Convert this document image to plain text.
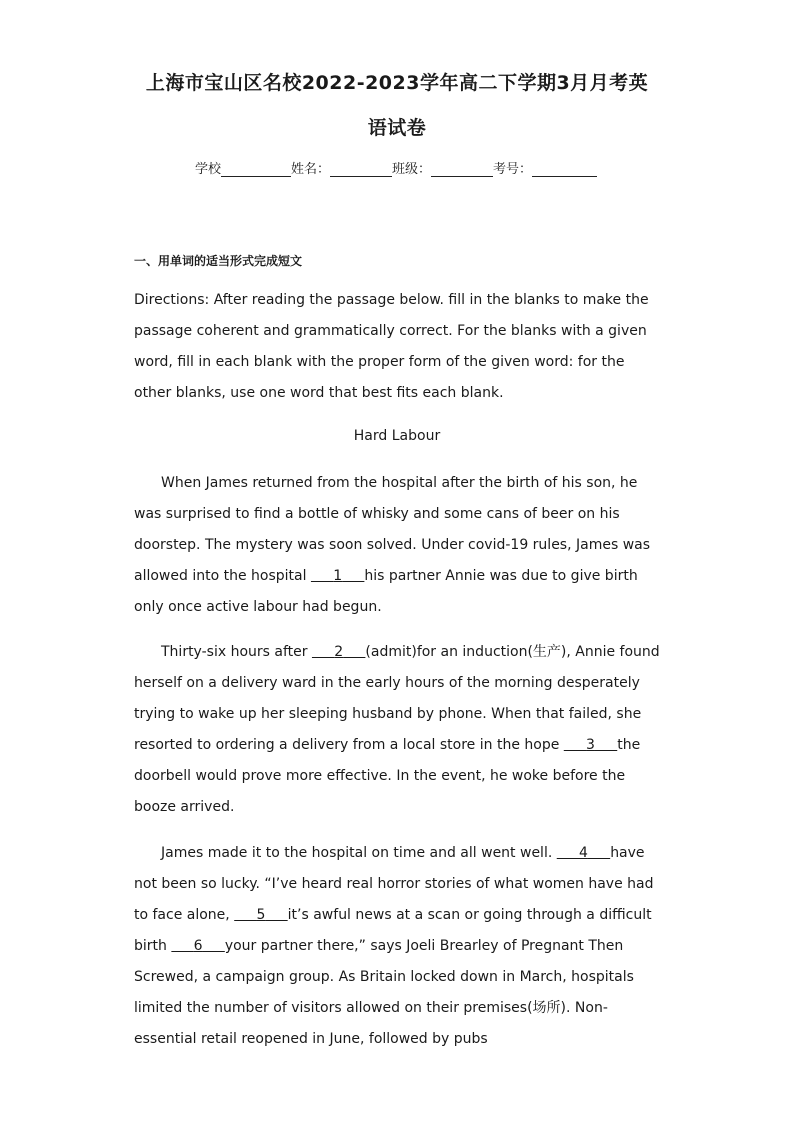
上海市宝山区名校2022-2023学年高二下学期3月月考英
语试卷
学校	姓名：	班级：	考号：
一、用单词的适当形式完成短文

Directions: After reading the passage below. fill in the blanks to make the passage coherent and grammatically correct. For the blanks with a given word, fill in each blank with the proper form of the given word: for the other blanks, use one word that best fits each blank.

Hard Labour

When James returned from the hospital after the birth of his son, he was surprised to find a bottle of whisky and some cans of beer on his doorstep. The mystery was soon solved. Under covid-19 rules, James was allowed into the hospital 1 his partner Annie was due to give birth only once active labour had begun.

Thirty-six hours after 2 (admit)for an induction(生产), Annie found herself on a delivery ward in the early hours of the morning desperately trying to wake up her sleeping husband by phone. When that failed, she resorted to ordering a delivery from a local store in the hope 3 the doorbell would prove more effective. In the event, he woke before the booze arrived.

James made it to the hospital on time and all went well. 4 have not been so lucky. “I’ve heard real horror stories of what women have had to face alone, 5 it’s awful news at a scan or going through a difficult birth 6 your partner there,” says Joeli Brearley of Pregnant Then Screwed, a campaign group. As Britain locked down in March, hospitals limited the number of visitors allowed on their premises(场所). Non-essential retail reopened in June, followed by pubs
